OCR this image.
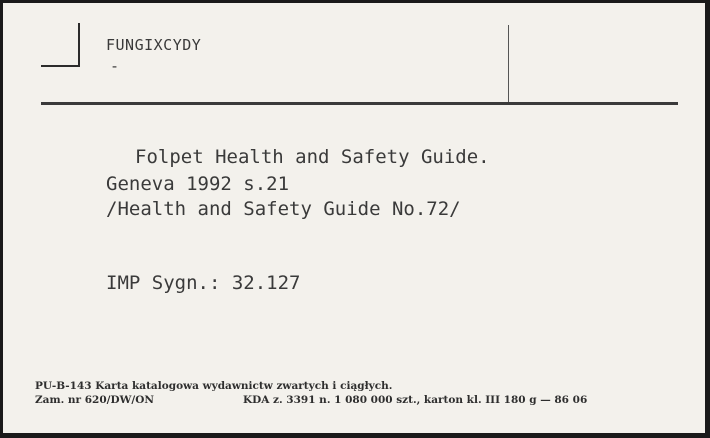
FUNGIXCYDY
-
Folpet Health and Safety Guide.
Geneva 1992 s.21
/Health and Safety Guide No.72/
IMP Sygn.: 32.127
PU-B-143 Karta katalogowa wydawnictw zwartych i ciągłych.
Zam. nr 620/DW/ON	KDA z. 3391 n. 1 080 000 szt., karton kl. III 180 g — 86 06
